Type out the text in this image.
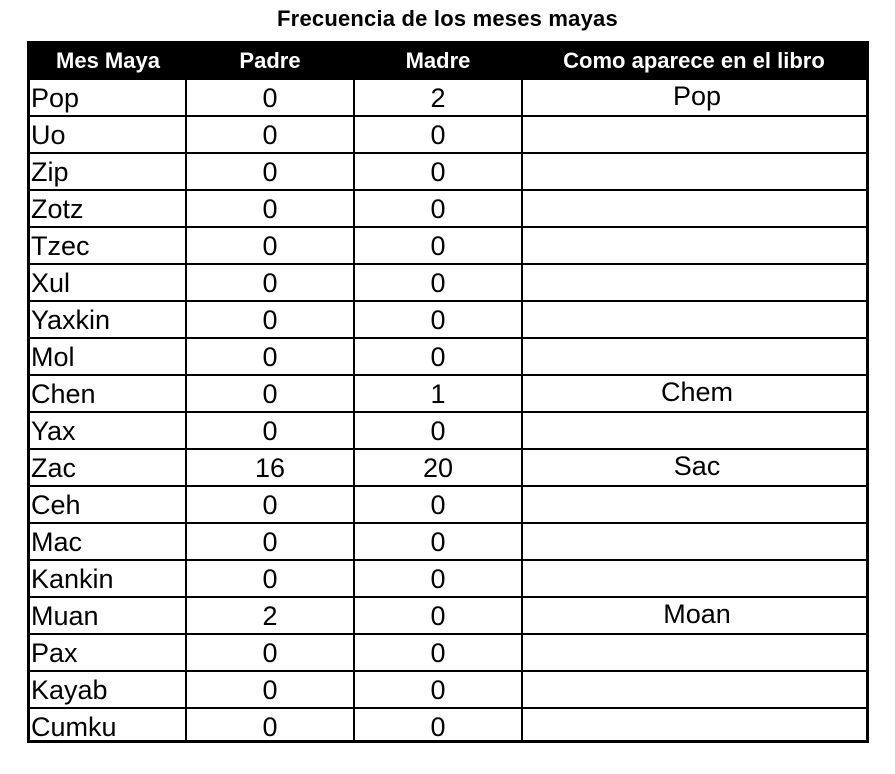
Frecuencia de los meses mayas
Mes Maya	Padre	Madre	Como aparece en el libro
Pop	0	2	Pop
Uo	0	0
Zip	0	0
Zotz	0	0
Tzec	0	0
Xul	0	0
Yaxkin	0	0
Mol	0	0
Chen	0	1	Chem
Yax	0	0
Zac	16	20	Sac
Ceh	0	0
Mac	0	0
Kankin	0	0
Muan	2	0	Moan
Pax	0	0
Kayab	0	0
Cumku	0	0
